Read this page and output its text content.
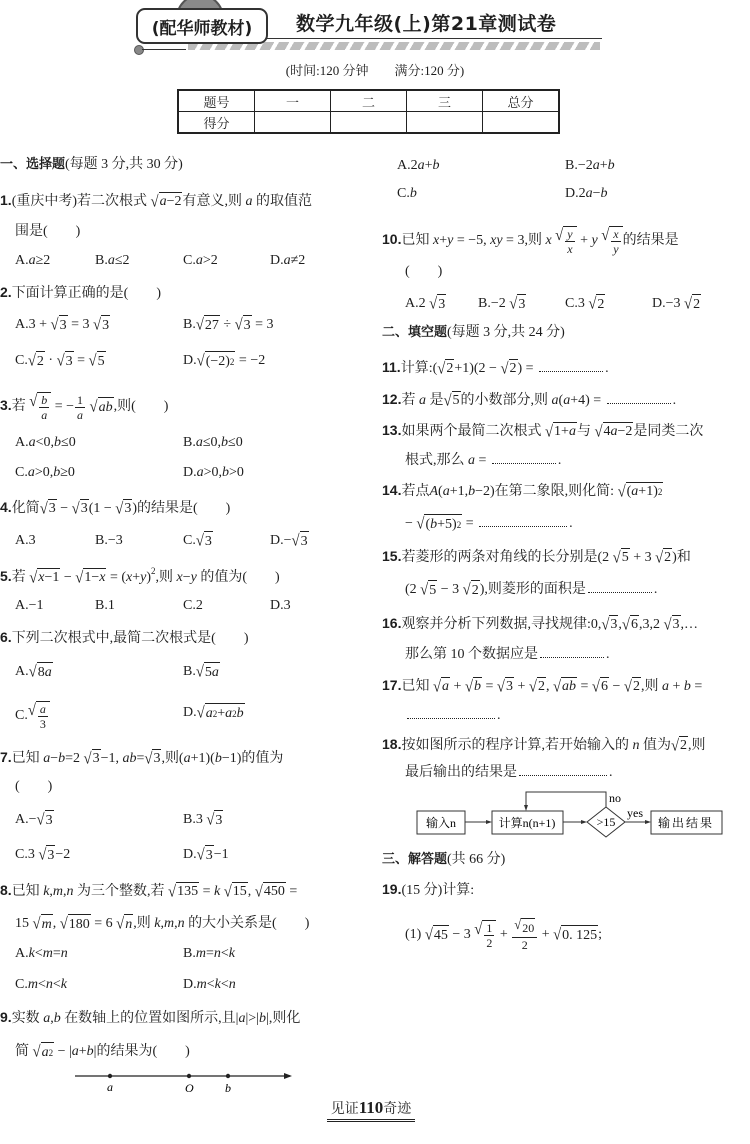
(配华师教材)	数学九年级(上)第21章测试卷
(时间:120 分钟　　满分:120 分)
题号	一	二	三	总分
得分				
一、选择题(每题 3 分,共 30 分)
1.(重庆中考)若二次根式 √ a −2 有意义,则 a 的取值范
围是(　　)
A.a≥2	B.a≤2	C.a>2	D.a≠2
2.下面计算正确的是(　　)
A.3 + √ 3 = 3 √ 3	B. √ 27 ÷ √ 3 = 3
C. √ 2 · √ 3 = √ 5	D. √ (−2) 2 = −2
3.若 √ b
a
= − $\frac{1}{a}$
√ a b ,则(　　)
A.a<0,b≤0	B.a≤0,b≤0
C.a>0,b≥0	D.a>0,b>0
4.化简 √ 3 − √ 3 (1 − √ 3 )的结果是(　　)
A.3	B.−3	C. √ 3	D.− √ 3
5.若 √ x −1 − √ $1- x = (x+y)^2$,则 x−y 的值为(　　)
A.−1	B.1	C.2	D.3
6.下列二次根式中,最简二次根式是(　　)
A. √ 8 a	B. √ 5 a
C. √ a
3
D. √ a 2 + a 2 b
7.已知 a−b=2 √ 3 −1, ab= √ 3 ,则(a+1)(b−1)的值为
(　　)
A.− √ 3	B.3 √ 3
C.3 √ 3 −2	D. √ 3 −1
8.已知 k,m,n 为三个整数,若 √ 135 = k √ 15 , √ 450 =
15 √ m , √ 180 = 6 √ n ,则 k,m,n 的大小关系是(　　)
A.k<m=n	B.m=n<k
C.m<n<k	D.m<k<n
9.实数 a,b 在数轴上的位置如图所示,且|a|>|b|,则化
简 √ a 2 − |a+b|的结果为(　　)
a	O	b
A.2a+b	B.−2a+b
C.b	D.2a−b
10.已知 x+y = −5, xy = 3,则 x √ y
x
+ y √ x
y
的结果是
(　　)
A.2 √ 3 B.−2 √ 3	C.3 √ 2	D.−3 √ 2
二、填空题(每题 3 分,共 24 分)
11.计算:( √ 2 +1)(2 − √ 2 ) =	.
12.若 a 是 √ 5 的小数部分,则 a(a+4) =	.
13.如果两个最简二次根式 √ 1+ a 与 √ 4 a −2 是同类二次
根式,那么 a =	.
14.若点A(a+1,b−2)在第二象限,则化简: √ ( a +1) 2
− √ ( b +5) 2 =	.
15.若菱形的两条对角线的长分别是(2 √ 5 + 3 √ 2 )和
(2 √ 5 − 3 √ 2 ),则菱形的面积是	.
16.观察并分析下列数据,寻找规律:0, √ 3 , √ 6 ,3,2 √ 3 ,…
那么第 10 个数据应是	.
17.已知 √ a + √ b = √ 3 + √ 2 , √ a b = √ 6 − √ 2 ,则 a + b =
.
18.按如图所示的程序计算,若开始输入的 n 值为 √ 2 ,则
最后输出的结果是	.
输入n	计算n(n+1)	>15
no
yes
输出结果
三、解答题(共 66 分)
19.(15 分)计算:
(1) √ 45 − 3 √ 1
2
+ $\frac{√ 20}{2}$ + √ 0. 125 ;
见证110奇迹
